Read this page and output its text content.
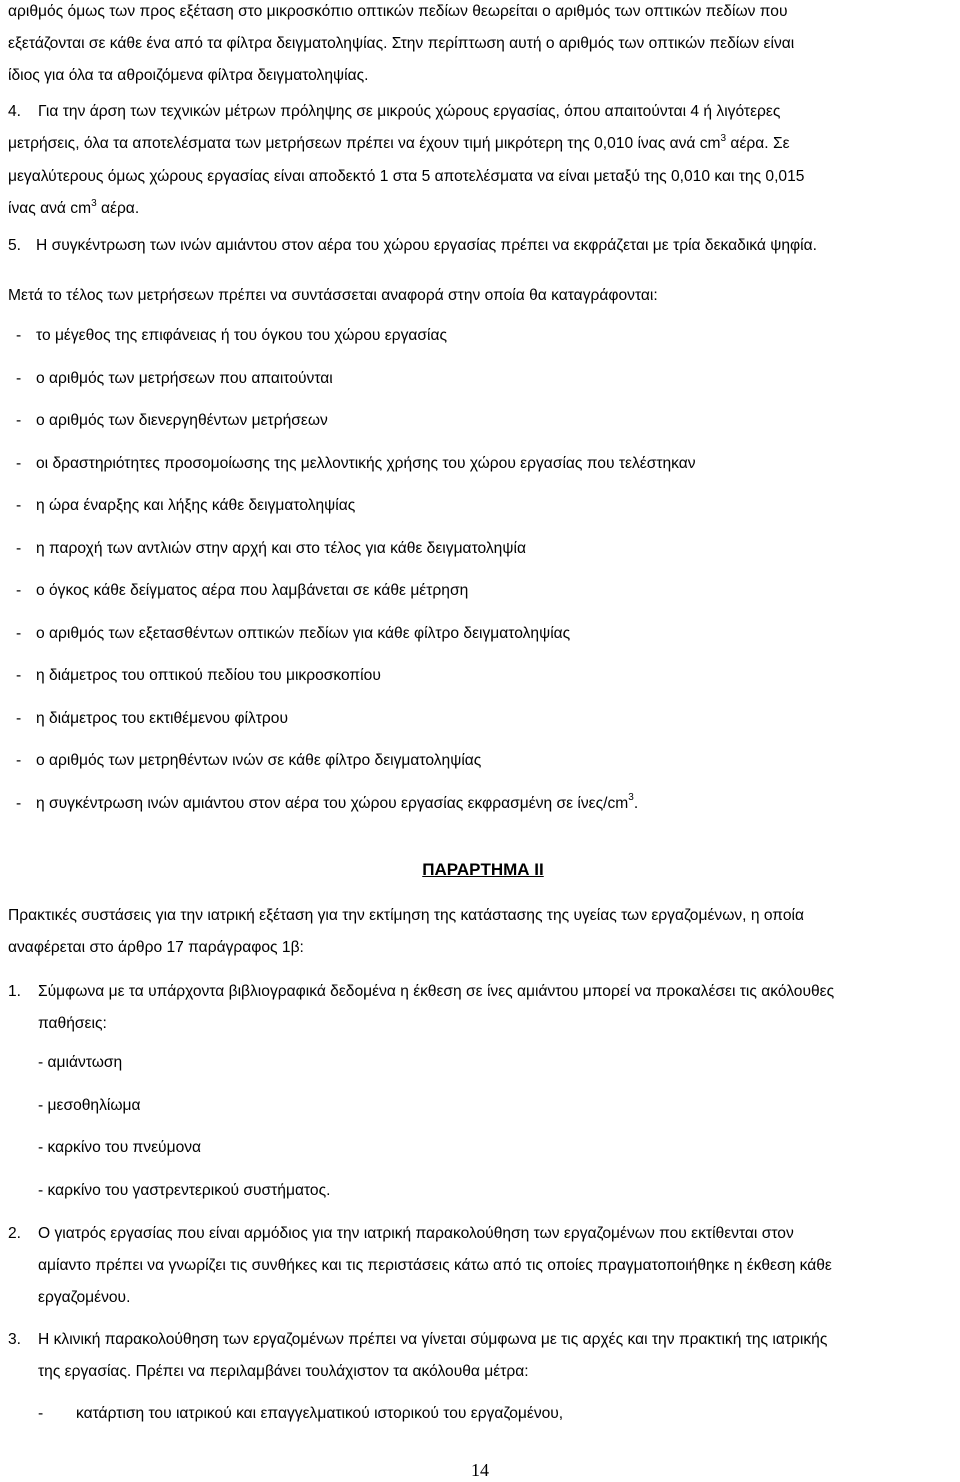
αριθμός όμως των προς εξέταση στο μικροσκόπιο οπτικών πεδίων θεωρείται ο αριθμός των οπτικών πεδίων που

εξετάζονται σε κάθε ένα από τα φίλτρα δειγματοληψίας. Στην περίπτωση αυτή ο αριθμός των οπτικών πεδίων είναι

ίδιος για όλα τα αθροιζόμενα φίλτρα δειγματοληψίας.

4. Για την άρση των τεχνικών μέτρων πρόληψης σε μικρούς χώρους εργασίας, όπου απαιτούνται 4 ή λιγότερες

μετρήσεις, όλα τα αποτελέσματα των μετρήσεων πρέπει να έχουν τιμή μικρότερη της 0,010 ίνας ανά $cm^3$ αέρα. Σε

μεγαλύτερους όμως χώρους εργασίας είναι αποδεκτό 1 στα 5 αποτελέσματα να είναι μεταξύ της 0,010 και της 0,015

ίνας ανά $cm^3$ αέρα.

5. Η συγκέντρωση των ινών αμιάντου στον αέρα του χώρου εργασίας πρέπει να εκφράζεται με τρία δεκαδικά ψηφία.

Μετά το τέλος των μετρήσεων πρέπει να συντάσσεται αναφορά στην οποία θα καταγράφονται:

- το μέγεθος της επιφάνειας ή του όγκου του χώρου εργασίας
- ο αριθμός των μετρήσεων που απαιτούνται
- ο αριθμός των διενεργηθέντων μετρήσεων
- οι δραστηριότητες προσομοίωσης της μελλοντικής χρήσης του χώρου εργασίας που τελέστηκαν
- η ώρα έναρξης και λήξης κάθε δειγματοληψίας
- η παροχή των αντλιών στην αρχή και στο τέλος για κάθε δειγματοληψία
- ο όγκος κάθε δείγματος αέρα που λαμβάνεται σε κάθε μέτρηση
- ο αριθμός των εξετασθέντων οπτικών πεδίων για κάθε φίλτρο δειγματοληψίας
- η διάμετρος του οπτικού πεδίου του μικροσκοπίου
- η διάμετρος του εκτιθέμενου φίλτρου
- ο αριθμός των μετρηθέντων ινών σε κάθε φίλτρο δειγματοληψίας
- η συγκέντρωση ινών αμιάντου στον αέρα του χώρου εργασίας εκφρασμένη σε ίνες/$cm^3$.
ΠΑΡΑΡΤΗΜΑ ΙΙ

Πρακτικές συστάσεις για την ιατρική εξέταση για την εκτίμηση της κατάστασης της υγείας των εργαζομένων, η οποία

αναφέρεται στο άρθρο 17 παράγραφος 1β:

1. Σύμφωνα με τα υπάρχοντα βιβλιογραφικά δεδομένα η έκθεση σε ίνες αμιάντου μπορεί να προκαλέσει τις ακόλουθες

παθήσεις:

- αμιάντωση
- μεσοθηλίωμα
- καρκίνο του πνεύμονα
- καρκίνο του γαστρεντερικού συστήματος.
2. Ο γιατρός εργασίας που είναι αρμόδιος για την ιατρική παρακολούθηση των εργαζομένων που εκτίθενται στον

αμίαντο πρέπει να γνωρίζει τις συνθήκες και τις περιστάσεις κάτω από τις οποίες πραγματοποιήθηκε η έκθεση κάθε

εργαζομένου.

3. Η κλινική παρακολούθηση των εργαζομένων πρέπει να γίνεται σύμφωνα με τις αρχές και την πρακτική της ιατρικής

της εργασίας. Πρέπει να περιλαμβάνει τουλάχιστον τα ακόλουθα μέτρα:

- κατάρτιση του ιατρικού και επαγγελματικού ιστορικού του εργαζομένου,
14
